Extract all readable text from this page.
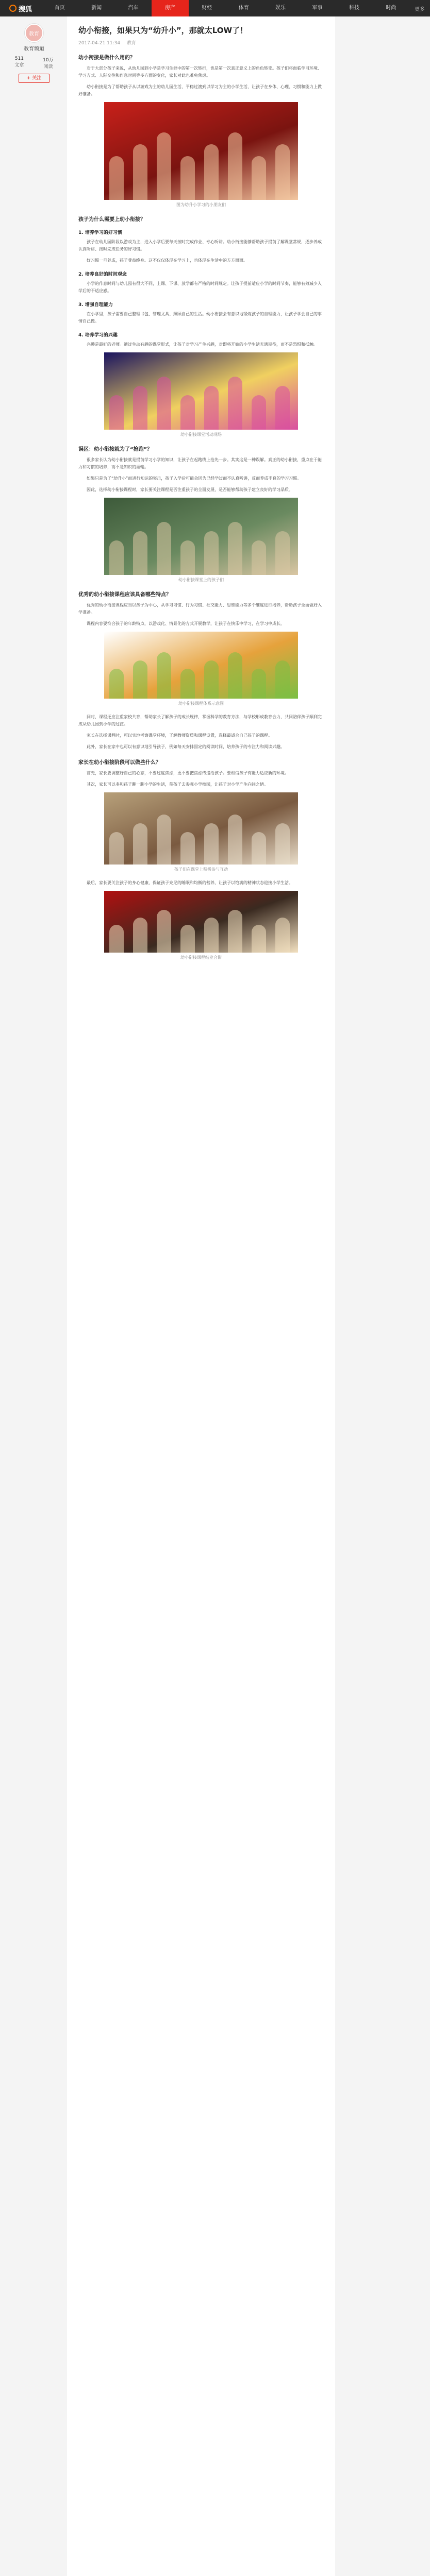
搜狐	首页	新闻	汽车	房产	财经	体育	娱乐	军事	科技	时尚	更多
教育
教育频道
511
文章
10万
阅读
+ 关注
幼小衔接，如果只为“幼升小”，那就太LOW了！
2017-04-21 11:34 教育
幼小衔接是做什么用的？

对于大部分孩子来说，从幼儿园到小学是学习生涯中的第一次转折，也是第一次真正意义上的角色转变。孩子们将面临学习环境、学习方式、人际交往和作息时间等多方面的变化，家长对此也难免焦虑。

幼小衔接是为了帮助孩子从以游戏为主的幼儿园生活，平稳过渡到以学习为主的小学生活，让孩子在身体、心理、习惯和能力上做好准备。

图为幼升小学习的小朋友们
孩子为什么需要上幼小衔接？
1. 培养学习的好习惯

孩子在幼儿园阶段以游戏为主，进入小学后要每天按时完成作业、专心听讲。幼小衔接能够帮助孩子提前了解课堂常规，逐步养成认真听讲、按时完成任务的好习惯。

好习惯一旦养成，孩子受益终身。这不仅仅体现在学习上，也体现在生活中的方方面面。

2. 培养良好的时间观念

小学的作息时间与幼儿园有很大不同，上课、下课、放学都有严格的时间规定。让孩子提前适应小学的时间节奏，能够有效减少入学后的不适应感。

3. 增强自理能力

在小学里，孩子需要自己整理书包、管理文具、照顾自己的生活。幼小衔接会有意识地锻炼孩子的自理能力，让孩子学会自己的事情自己做。

4. 培养学习的兴趣

兴趣是最好的老师。通过生动有趣的课堂形式，让孩子对学习产生兴趣，对即将开始的小学生活充满期待，而不是恐惧和抵触。

幼小衔接课堂活动现场
误区：幼小衔接就为了“抢跑”？

很多家长认为幼小衔接就是提前学习小学的知识，让孩子在起跑线上抢先一步。其实这是一种误解。真正的幼小衔接，重点在于能力和习惯的培养，而不是知识的灌输。

如果只是为了“幼升小”而进行知识的突击，孩子入学后可能会因为已经学过而不认真听讲，反而养成不良的学习习惯。

因此，选择幼小衔接课程时，家长要关注课程是否注重孩子的全面发展，是否能够帮助孩子建立良好的学习品质。

幼小衔接课堂上的孩子们
优秀的幼小衔接课程应该具备哪些特点？

优秀的幼小衔接课程应当以孩子为中心，从学习习惯、行为习惯、社交能力、思维能力等多个维度进行培养，帮助孩子全面做好入学准备。

课程内容要符合孩子的年龄特点，以游戏化、情景化的方式开展教学，让孩子在快乐中学习，在学习中成长。

幼小衔接课程体系示意图

同时，课程还应注重家校共育，帮助家长了解孩子的成长规律，掌握科学的教育方法，与学校形成教育合力，共同陪伴孩子顺利完成从幼儿园到小学的过渡。

家长在选择课程时，可以实地考察课堂环境，了解教师资质和课程设置，选择最适合自己孩子的课程。

此外，家长在家中也可以有意识地引导孩子，例如每天安排固定的阅读时间，培养孩子的专注力和阅读兴趣。

家长在幼小衔接阶段可以做些什么？

首先，家长要调整好自己的心态，不要过度焦虑，更不要把焦虑传递给孩子。要相信孩子有能力适应新的环境。

其次，家长可以多和孩子聊一聊小学的生活，带孩子去参观小学校园，让孩子对小学产生向往之情。

孩子们在课堂上积极参与互动

最后，家长要关注孩子的身心健康，保证孩子充足的睡眠和均衡的营养，让孩子以饱满的精神状态迎接小学生活。

幼小衔接课程结业合影
